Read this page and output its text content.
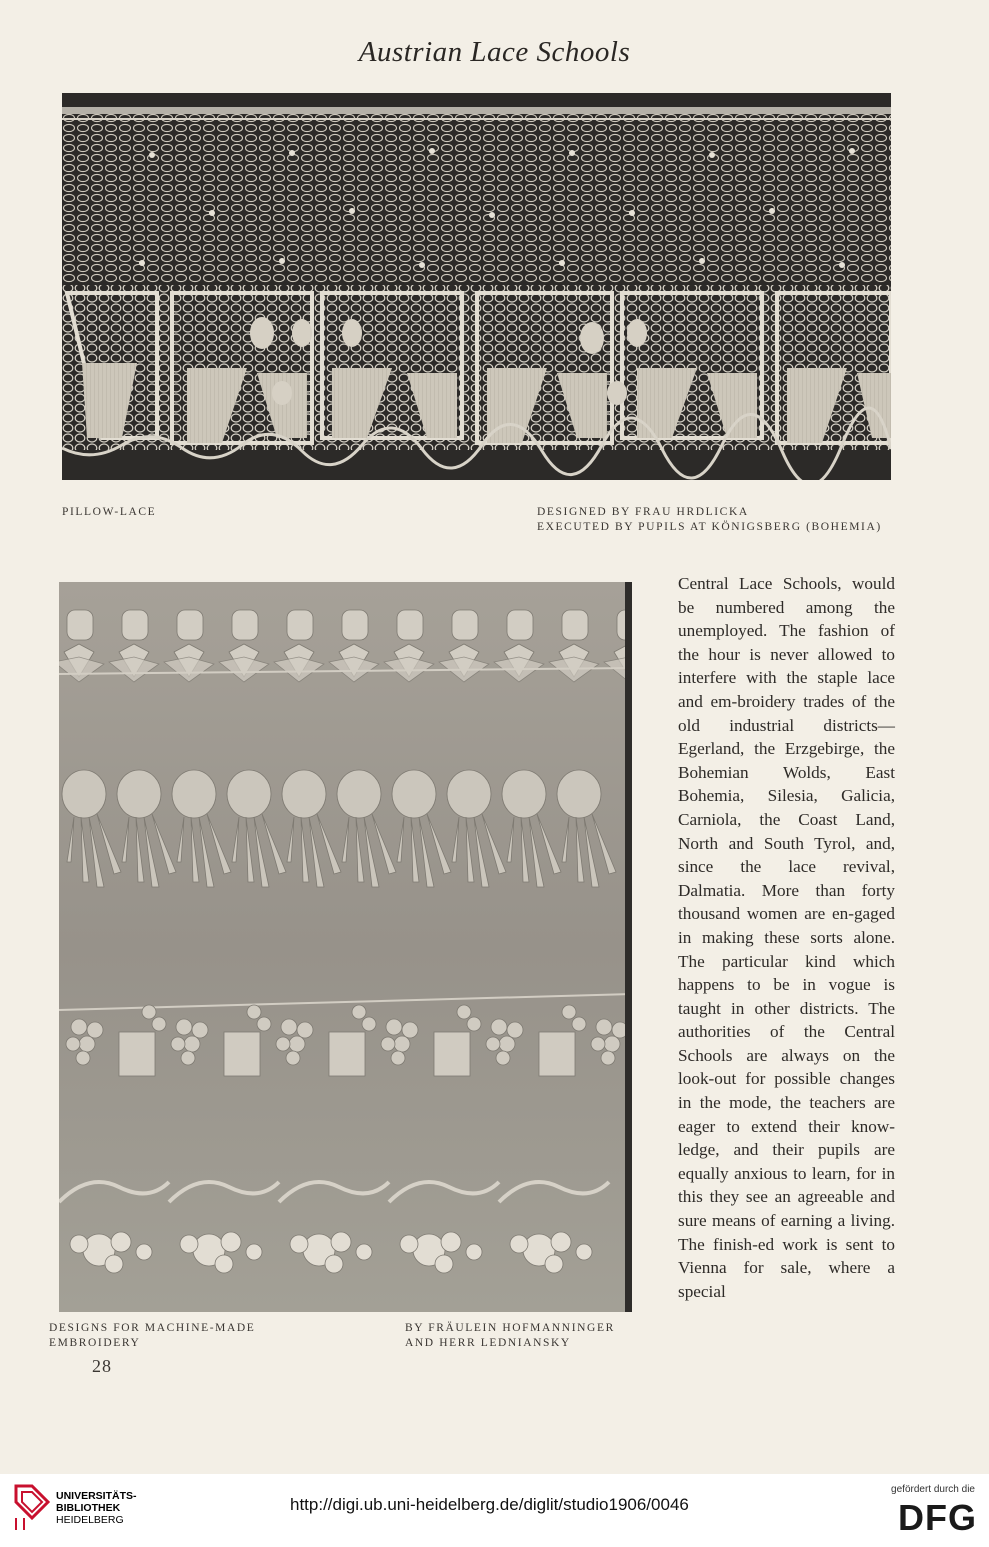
Austrian Lace Schools
PILLOW-LACE	DESIGNED BY FRAU HRDLICKA
EXECUTED BY PUPILS AT KÖNIGSBERG (BOHEMIA)
DESIGNS FOR MACHINE-MADE
EMBROIDERY
BY FRÄULEIN HOFMANNINGER
AND HERR LEDNIANSKY
Central Lace Schools, would be numbered among the unemployed. The fashion of the hour is never allowed to interfere with the staple lace and em-broidery trades of the old industrial districts—Egerland, the Erzgebirge, the Bohemian Wolds, East Bohemia, Silesia, Galicia, Carniola, the Coast Land, North and South Tyrol, and, since the lace revival, Dalmatia. More than forty thousand women are en-gaged in making these sorts alone. The particular kind which happens to be in vogue is taught in other districts. The authorities of the Central Schools are always on the look-out for possible changes in the mode, the teachers are eager to extend their know-ledge, and their pupils are equally anxious to learn, for in this they see an agreeable and sure means of earning a living. The finish-ed work is sent to Vienna for sale, where a special
28
UNIVERSITÄTS-
BIBLIOTHEK
HEIDELBERG
http://digi.ub.uni-heidelberg.de/diglit/studio1906/0046
gefördert durch die
DFG
